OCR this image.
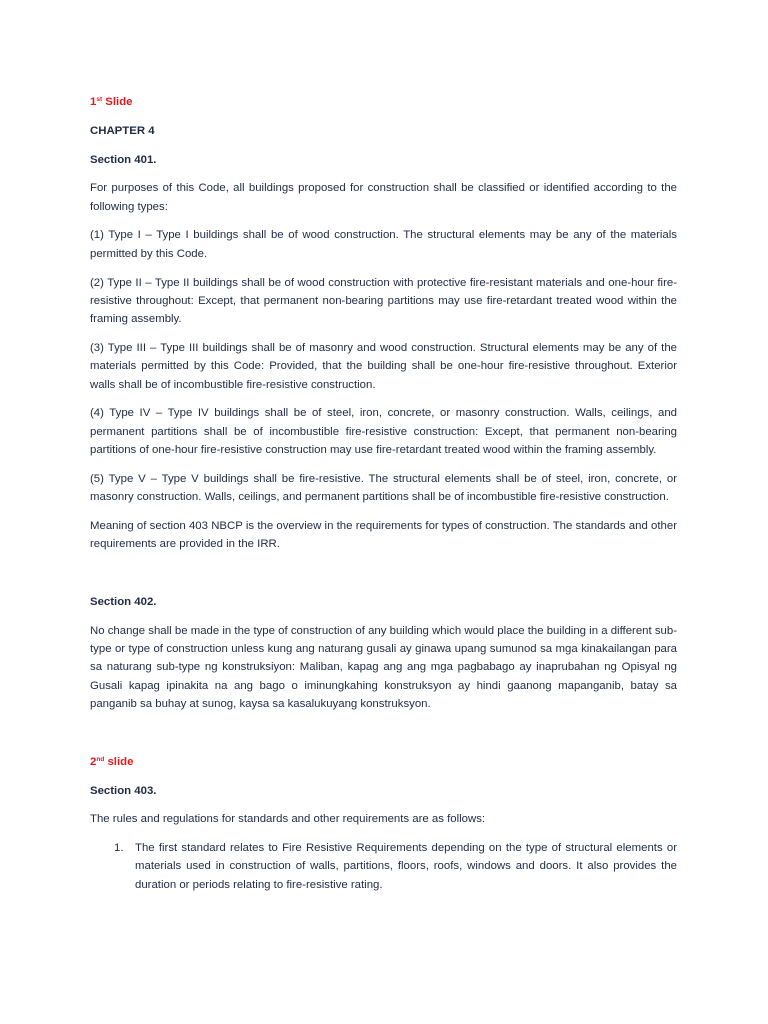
1st Slide

CHAPTER 4

Section 401.

For purposes of this Code, all buildings proposed for construction shall be classified or identified according to the following types:

(1) Type I – Type I buildings shall be of wood construction. The structural elements may be any of the materials permitted by this Code.

(2) Type II – Type II buildings shall be of wood construction with protective fire-resistant materials and one-hour fire-resistive throughout: Except, that permanent non-bearing partitions may use fire-retardant treated wood within the framing assembly.

(3) Type III – Type III buildings shall be of masonry and wood construction. Structural elements may be any of the materials permitted by this Code: Provided, that the building shall be one-hour fire-resistive throughout. Exterior walls shall be of incombustible fire-resistive construction.

(4) Type IV – Type IV buildings shall be of steel, iron, concrete, or masonry construction. Walls, ceilings, and permanent partitions shall be of incombustible fire-resistive construction: Except, that permanent non-bearing partitions of one-hour fire-resistive construction may use fire-retardant treated wood within the framing assembly.

(5) Type V – Type V buildings shall be fire-resistive. The structural elements shall be of steel, iron, concrete, or masonry construction. Walls, ceilings, and permanent partitions shall be of incombustible fire-resistive construction.

Meaning of section 403 NBCP is the overview in the requirements for types of construction. The standards and other requirements are provided in the IRR.

Section 402.

No change shall be made in the type of construction of any building which would place the building in a different sub-type or type of construction unless kung ang naturang gusali ay ginawa upang sumunod sa mga kinakailangan para sa naturang sub-type ng konstruksiyon: Maliban, kapag ang ang mga pagbabago ay inaprubahan ng Opisyal ng Gusali kapag ipinakita na ang bago o iminungkahing konstruksyon ay hindi gaanong mapanganib, batay sa panganib sa buhay at sunog, kaysa sa kasalukuyang konstruksyon.

2nd slide

Section 403.

The rules and regulations for standards and other requirements are as follows:

1.	The first standard relates to Fire Resistive Requirements depending on the type of structural elements or materials used in construction of walls, partitions, floors, roofs, windows and doors. It also provides the duration or periods relating to fire-resistive rating.
